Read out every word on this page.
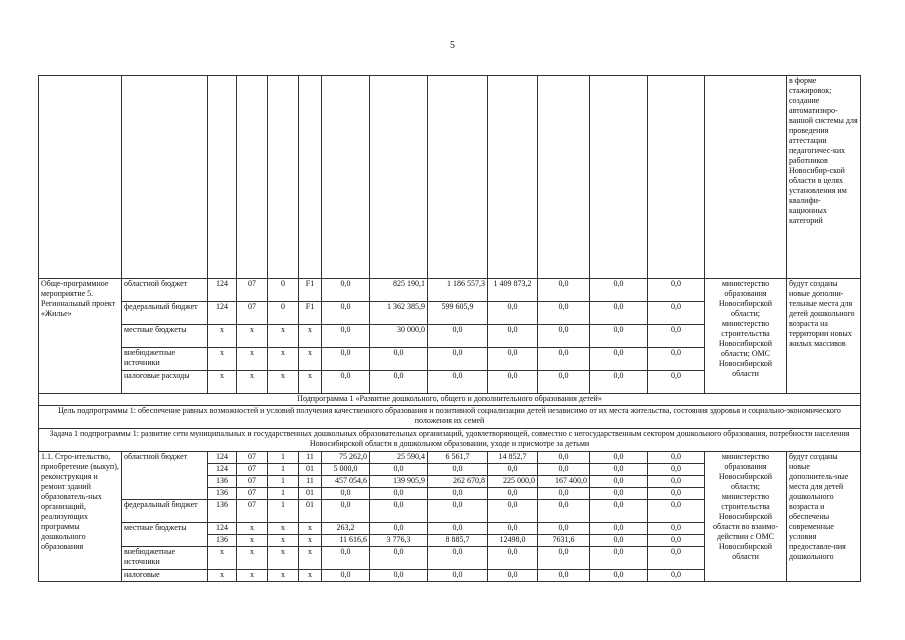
5
														в форме стажировок; создание автоматизиро-ванной системы для проведения аттестации педагогичес-ких работников Новосибир-ской области в целях установления им квалифи-кационных категорий
Обще-программное мероприятие 5. Региональный проект «Жилье»	областной бюджет	124	07	0	F1	0,0	825 190,1	1 186 557,3	1 409 873,2	0,0	0,0	0,0	министерство образования Новосибирской области; министерство строительства Новосибирской области; ОМС Новосибирской области	будут созданы новые дополни-тельные места для детей дошкольного возраста на территории новых жилых массивов
	федеральный бюджет	124	07	0	F1	0,0	1 362 385,9	599 605,9	0,0	0,0	0,0	0,0		
	местные бюджеты	x	x	x	x	0,0	30 000,0	0,0	0,0	0,0	0,0	0,0		
	внебюджетные источники	x	x	x	x	0,0	0,0	0,0	0,0	0,0	0,0	0,0		
	налоговые расходы	x	x	x	x	0,0	0,0	0,0	0,0	0,0	0,0	0,0		
Подпрограмма 1 «Развитие дошкольного, общего и дополнительного образования детей»														
Цель подпрограммы 1: обеспечение равных возможностей и условий получения качественного образования и позитивной социализации детей независимо от их места жительства, состояния здоровья и социально-экономического положения их семей														
Задача 1 подпрограммы 1: развитие сети муниципальных и государственных дошкольных образовательных организаций, удовлетворяющей, совместно с негосударственным сектором дошкольного образования, потребности населения Новосибирской области в дошкольном образовании, уходе и присмотре за детьми														
1.1. Стро-ительство, приобретение (выкуп), реконструкция и ремонт зданий образователь-ных организаций, реализующих программы дошкольного образования	областной бюджет	124	07	1	11	75 262,0	25 590,4	6 561,7	14 852,7	0,0	0,0	0,0	министерство образования Новосибирской области; министерство строительства Новосибирской области во взаимо-действии с ОМС Новосибирской области	будут созданы новые дополнитель-ные места для детей дошкольного возраста и обеспечены современные условия предоставле-ния дошкольного
		124	07	1	01	5 000,0	0,0	0,0	0,0	0,0	0,0	0,0		
		136	07	1	11	457 054,6	139 905,9	262 670,8	225 000,0	167 400,0	0,0	0,0		
		136	07	1	01	0,0	0,0	0,0	0,0	0,0	0,0	0,0		
	федеральный бюджет	136	07	1	01	0,0	0,0	0,0	0,0	0,0	0,0	0,0		
	местные бюджеты	124	x	x	x	263,2	0,0	0,0	0,0	0,0	0,0	0,0		
		136	x	x	x	11 616,6	3 776,3	8 885,7	12498,0	7631,6	0,0	0,0		
	внебюджетные источники	x	x	x	x	0,0	0,0	0,0	0,0	0,0	0,0	0,0		
	налоговые	x	x	x	x	0,0	0,0	0,0	0,0	0,0	0,0	0,0		
